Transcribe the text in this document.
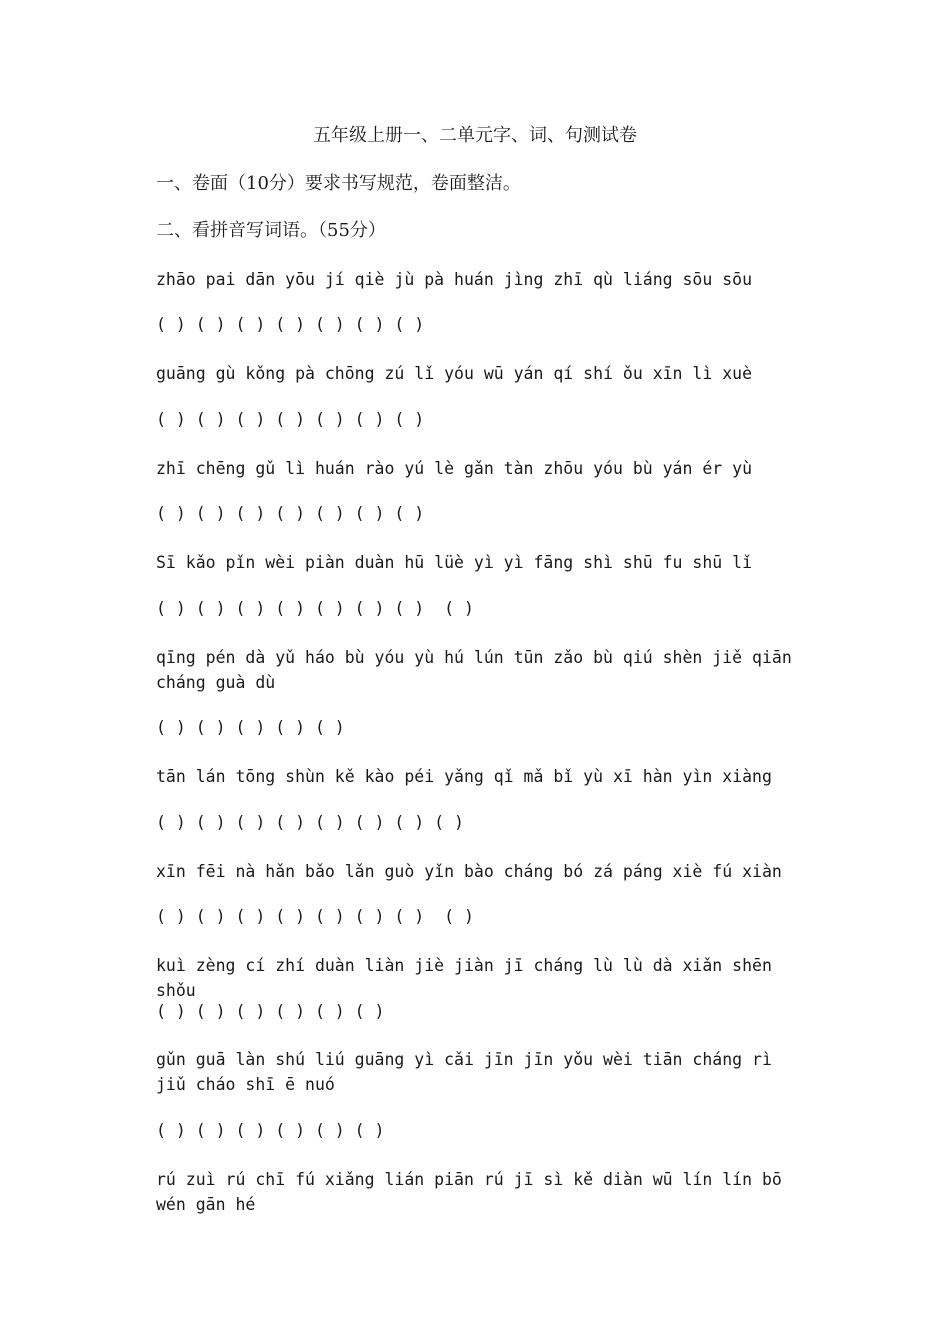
五年级上册一、二单元字、词、句测试卷

一、卷面（10分）要求书写规范，卷面整洁。

二、看拼音写词语。（55分）

zhāo pai dān yōu jí qiè jù pà huán jìng zhī qù liáng sōu sōu

( ) ( ) ( ) ( ) ( ) ( ) ( )

guāng gù kǒng pà chōng zú lǐ yóu wū yán qí shí ǒu xīn lì xuè

( ) ( ) ( ) ( ) ( ) ( ) ( )

zhī chēng gǔ lì huán rào yú lè gǎn tàn zhōu yóu bù yán ér yù

( ) ( ) ( ) ( ) ( ) ( ) ( )

Sī kǎo pǐn wèi piàn duàn hū lüè yì yì fāng shì shū fu shū lǐ

( ) ( ) ( ) ( ) ( ) ( ) ( )  ( )

qīng pén dà yǔ háo bù yóu yù hú lún tūn zǎo bù qiú shèn jiě qiān cháng guà dù

( ) ( ) ( ) ( ) ( )

tān lán tōng shùn kě kào péi yǎng qǐ mǎ bǐ yù xī hàn yìn xiàng

( ) ( ) ( ) ( ) ( ) ( ) ( ) ( )

xīn fēi nà hǎn bǎo lǎn guò yǐn bào cháng bó zá páng xiè fú xiàn

( ) ( ) ( ) ( ) ( ) ( ) ( )  ( )

kuì zèng cí zhí duàn liàn jiè jiàn jī cháng lù lù dà xiǎn shēn shǒu

( ) ( ) ( ) ( ) ( ) ( )

gǔn guā làn shú liú guāng yì cǎi jīn jīn yǒu wèi tiān cháng rì jiǔ cháo shī ē nuó

( ) ( ) ( ) ( ) ( ) ( )

rú zuì rú chī fú xiǎng lián piān rú jī sì kě diàn wū lín lín bō wén gān hé
